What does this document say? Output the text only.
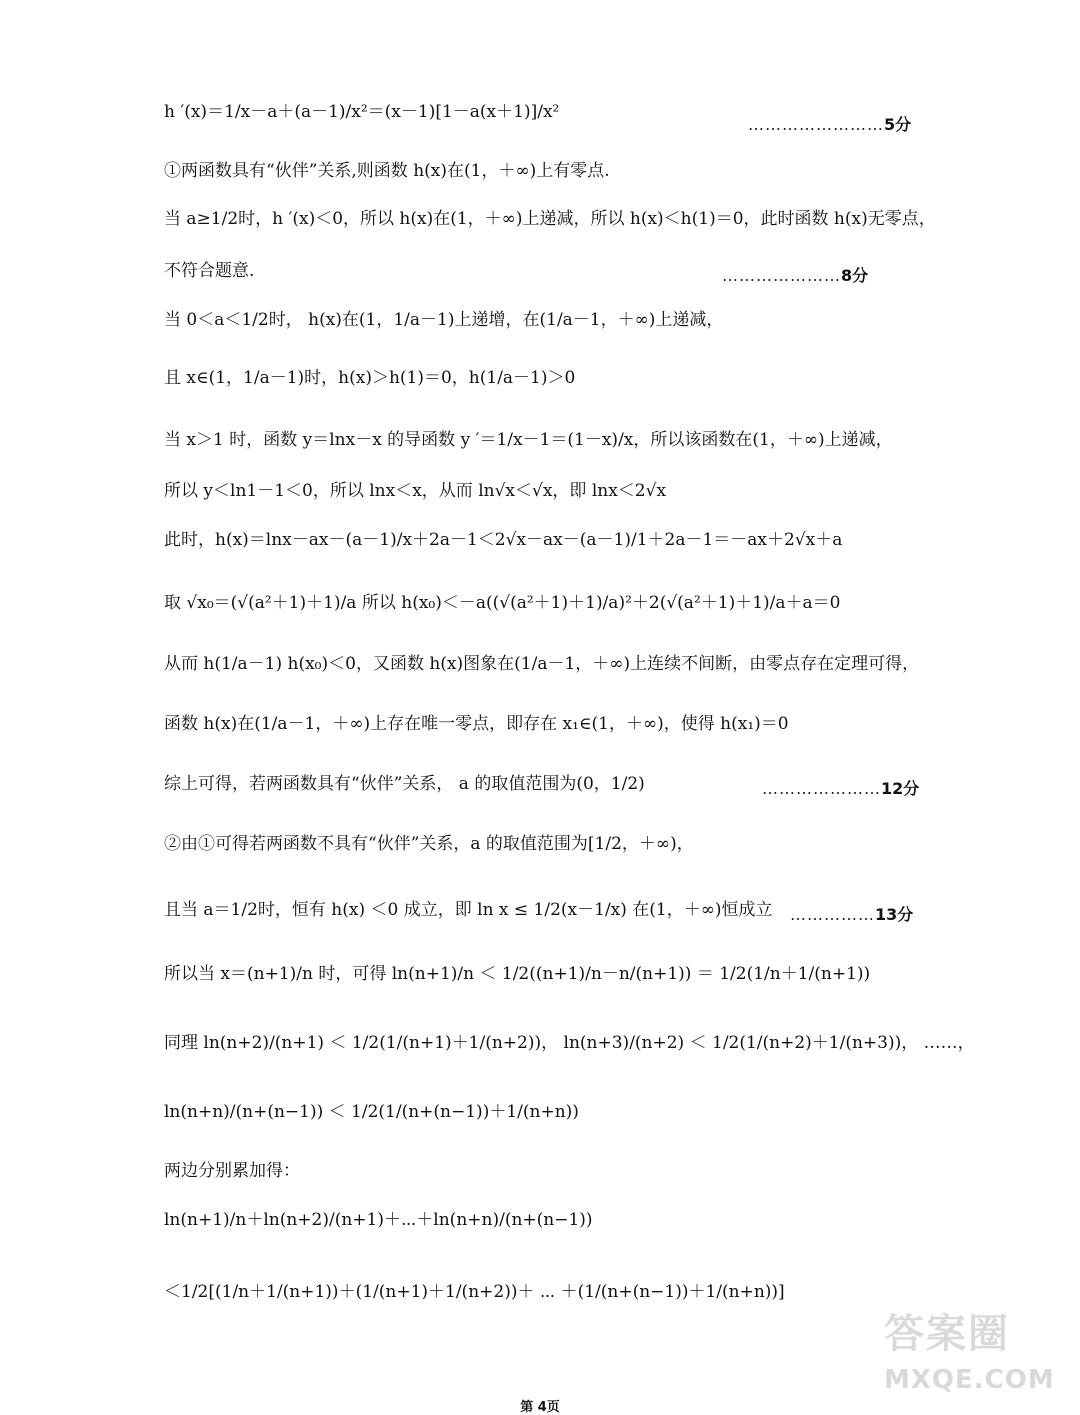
h ′(x)＝1/x－a＋(a－1)/x²＝(x－1)[1－a(x＋1)]/x²
……………………5分
①两函数具有“伙伴”关系,则函数 h(x)在(1，＋∞)上有零点.
当 a≥1/2时，h ′(x)＜0，所以 h(x)在(1，＋∞)上递减，所以 h(x)＜h(1)＝0，此时函数 h(x)无零点，
不符合题意.	…………………8分
当 0＜a＜1/2时， h(x)在(1，1/a－1)上递增，在(1/a－1，＋∞)上递减，
且 x∈(1，1/a－1)时，h(x)＞h(1)＝0，h(1/a－1)＞0
当 x＞1 时，函数 y＝lnx－x 的导函数 y ′＝1/x－1＝(1－x)/x，所以该函数在(1，＋∞)上递减，
所以 y＜ln1－1＜0，所以 lnx＜x，从而 ln√x＜√x，即 lnx＜2√x
此时，h(x)＝lnx－ax－(a－1)/x＋2a－1＜2√x－ax－(a－1)/1＋2a－1＝－ax＋2√x＋a
取 √x₀＝(√(a²＋1)＋1)/a 所以 h(x₀)＜－a((√(a²＋1)＋1)/a)²＋2(√(a²＋1)＋1)/a＋a＝0
从而 h(1/a－1) h(x₀)＜0，又函数 h(x)图象在(1/a－1，＋∞)上连续不间断，由零点存在定理可得，
函数 h(x)在(1/a－1，＋∞)上存在唯一零点，即存在 x₁∈(1，＋∞)，使得 h(x₁)＝0
综上可得，若两函数具有“伙伴”关系， a 的取值范围为(0，1/2)	…………………12分
②由①可得若两函数不具有“伙伴”关系，a 的取值范围为[1/2，＋∞)，
且当 a＝1/2时，恒有 h(x) ＜0 成立，即 ln x ≤ 1/2(x－1/x) 在(1，＋∞)恒成立 ……………13分
所以当 x＝(n+1)/n 时，可得 ln(n+1)/n ＜ 1/2((n+1)/n－n/(n+1)) ＝ 1/2(1/n＋1/(n+1))
同理 ln(n+2)/(n+1) ＜ 1/2(1/(n+1)＋1/(n+2))， ln(n+3)/(n+2) ＜ 1/2(1/(n+2)＋1/(n+3))， ……，
ln(n+n)/(n+(n−1)) ＜ 1/2(1/(n+(n−1))＋1/(n+n))
两边分别累加得：
ln(n+1)/n＋ln(n+2)/(n+1)＋⋯＋ln(n+n)/(n+(n−1))
＜1/2[(1/n＋1/(n+1))＋(1/(n+1)＋1/(n+2))＋ ⋯ ＋(1/(n+(n−1))＋1/(n+n))]
答案圈
MXQE.COM
第 4页
